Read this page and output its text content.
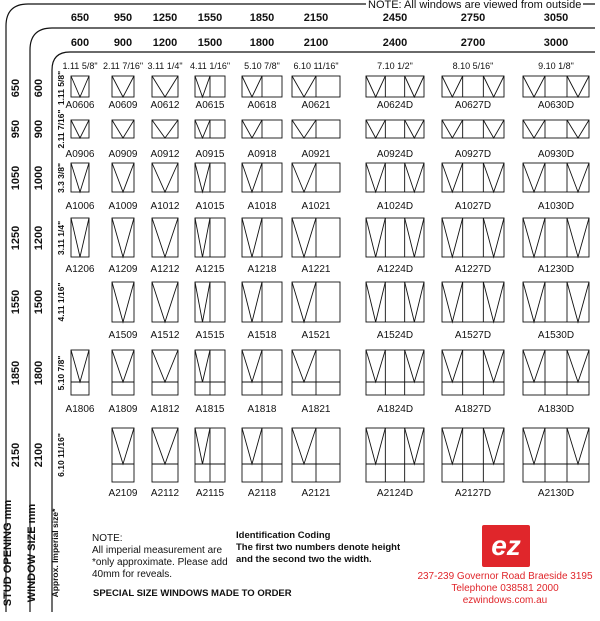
NOTE: All windows are viewed from outside
650	950	1250	1550	1850	2150	2450	2750	3050
600	900	1200	1500	1800	2100	2400	2700	3000
1.11 5/8" 2.11 7/16" 3.11 1/4" 4.11 1/16"	5.10 7/8"	6.10 11/16"	7.10 1/2"	8.10 5/16"	9.10 1/8"
650 600 1.11 5/8"
950 900 2.11 7/16"
1050 1000 3.3 3/8"
1250 1200 3.11 1/4"
1550 1500 4.11 1/16"
1850 1800 5.10 7/8"
2150 2100 6.10 11/16"
A0606	A0609	A0612	A0615	A0618	A0621	A0624D	A0627D	A0630D
A0906	A0909	A0912	A0915	A0918	A0921	A0924D	A0927D	A0930D
A1006	A1009	A1012	A1015	A1018	A1021	A1024D	A1027D	A1030D
A1206	A1209	A1212	A1215	A1218	A1221	A1224D	A1227D	A1230D
A1509	A1512	A1515	A1518	A1521	A1524D	A1527D	A1530D
A1806	A1809	A1812	A1815	A1818	A1821	A1824D	A1827D	A1830D
A2109	A2112	A2115	A2118	A2121	A2124D	A2127D	A2130D
STUD OPENING mm WINDOW SIZE mm Approx. Imperial size*	NOTE:
All imperial measurement are
*only approximate. Please add
40mm for reveals.
Identification Coding
The first two numbers denote height
and the second two the width.
SPECIAL SIZE WINDOWS MADE TO ORDER
ez
237-239 Governor Road Braeside 3195
Telephone 038581 2000
ezwindows.com.au
